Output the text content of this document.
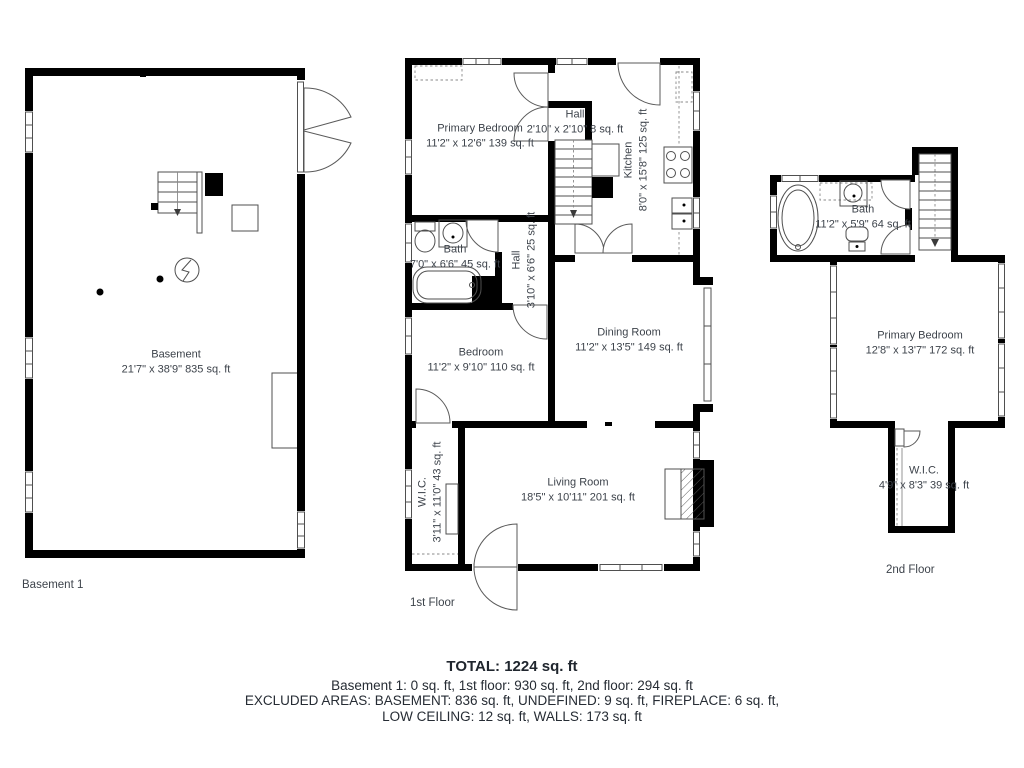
Basement
21'7" x 38'9" 835 sq. ft
Primary Bedroom
11'2" x 12'6" 139 sq. ft
Hall
2'10" x 2'10" 8 sq. ft
Kitchen 8'0" x 15'8" 125 sq. ft
Bath
7'0" x 6'6" 45 sq. ft Hall 3'10" x 6'6" 25 sq. ft
Bedroom
11'2" x 9'10" 110 sq. ft
Dining Room
11'2" x 13'5" 149 sq. ft
W.I.C. 3'11" x 11'0" 43 sq. ft	Living Room
18'5" x 10'11" 201 sq. ft
Bath
11'2" x 5'9" 64 sq. ft
Primary Bedroom
12'8" x 13'7" 172 sq. ft
W.I.C.
4'9" x 8'3" 39 sq. ft
Basement 1
1st Floor
2nd Floor
TOTAL: 1224 sq. ft
Basement 1: 0 sq. ft, 1st floor: 930 sq. ft, 2nd floor: 294 sq. ft
EXCLUDED AREAS: BASEMENT: 836 sq. ft, UNDEFINED: 9 sq. ft, FIREPLACE: 6 sq. ft,
LOW CEILING: 12 sq. ft, WALLS: 173 sq. ft
